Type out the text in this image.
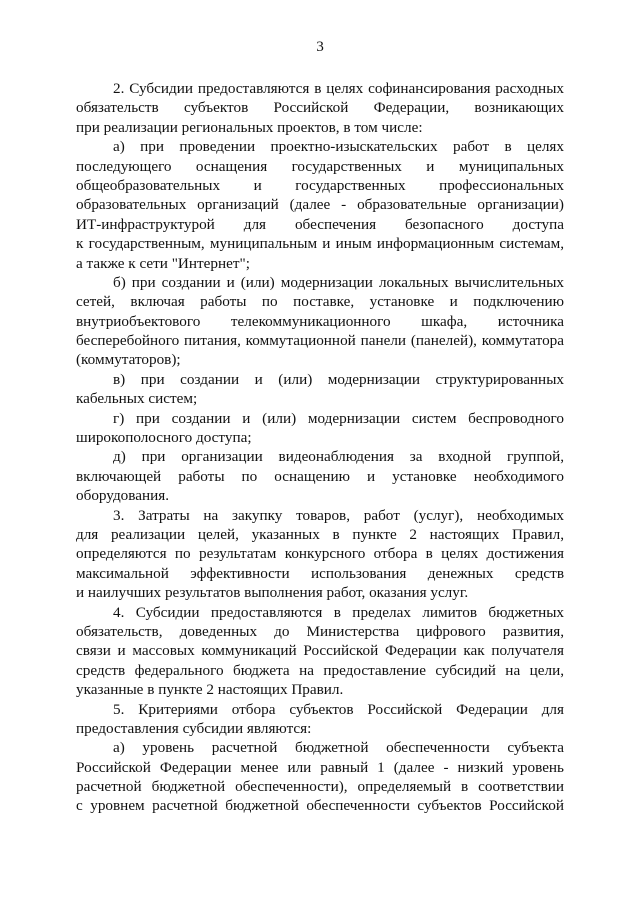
3
2. Субсидии предоставляются в целях софинансирования расходных
обязательств субъектов Российской Федерации, возникающих
при реализации региональных проектов, в том числе:
а) при проведении проектно-изыскательских работ в целях
последующего оснащения государственных и муниципальных
общеобразовательных и государственных профессиональных
образовательных организаций (далее - образовательные организации)
ИТ-инфраструктурой для обеспечения безопасного доступа
к государственным, муниципальным и иным информационным системам,
а также к сети "Интернет";
б) при создании и (или) модернизации локальных вычислительных
сетей, включая работы по поставке, установке и подключению
внутриобъектового телекоммуникационного шкафа, источника
бесперебойного питания, коммутационной панели (панелей), коммутатора
(коммутаторов);
в) при создании и (или) модернизации структурированных
кабельных систем;
г) при создании и (или) модернизации систем беспроводного
широкополосного доступа;
д) при организации видеонаблюдения за входной группой,
включающей работы по оснащению и установке необходимого
оборудования.
3. Затраты на закупку товаров, работ (услуг), необходимых
для реализации целей, указанных в пункте 2 настоящих Правил,
определяются по результатам конкурсного отбора в целях достижения
максимальной эффективности использования денежных средств
и наилучших результатов выполнения работ, оказания услуг.
4. Субсидии предоставляются в пределах лимитов бюджетных
обязательств, доведенных до Министерства цифрового развития,
связи и массовых коммуникаций Российской Федерации как получателя
средств федерального бюджета на предоставление субсидий на цели,
указанные в пункте 2 настоящих Правил.
5. Критериями отбора субъектов Российской Федерации для
предоставления субсидии являются:
а) уровень расчетной бюджетной обеспеченности субъекта
Российской Федерации менее или равный 1 (далее - низкий уровень
расчетной бюджетной обеспеченности), определяемый в соответствии
с уровнем расчетной бюджетной обеспеченности субъектов Российской
